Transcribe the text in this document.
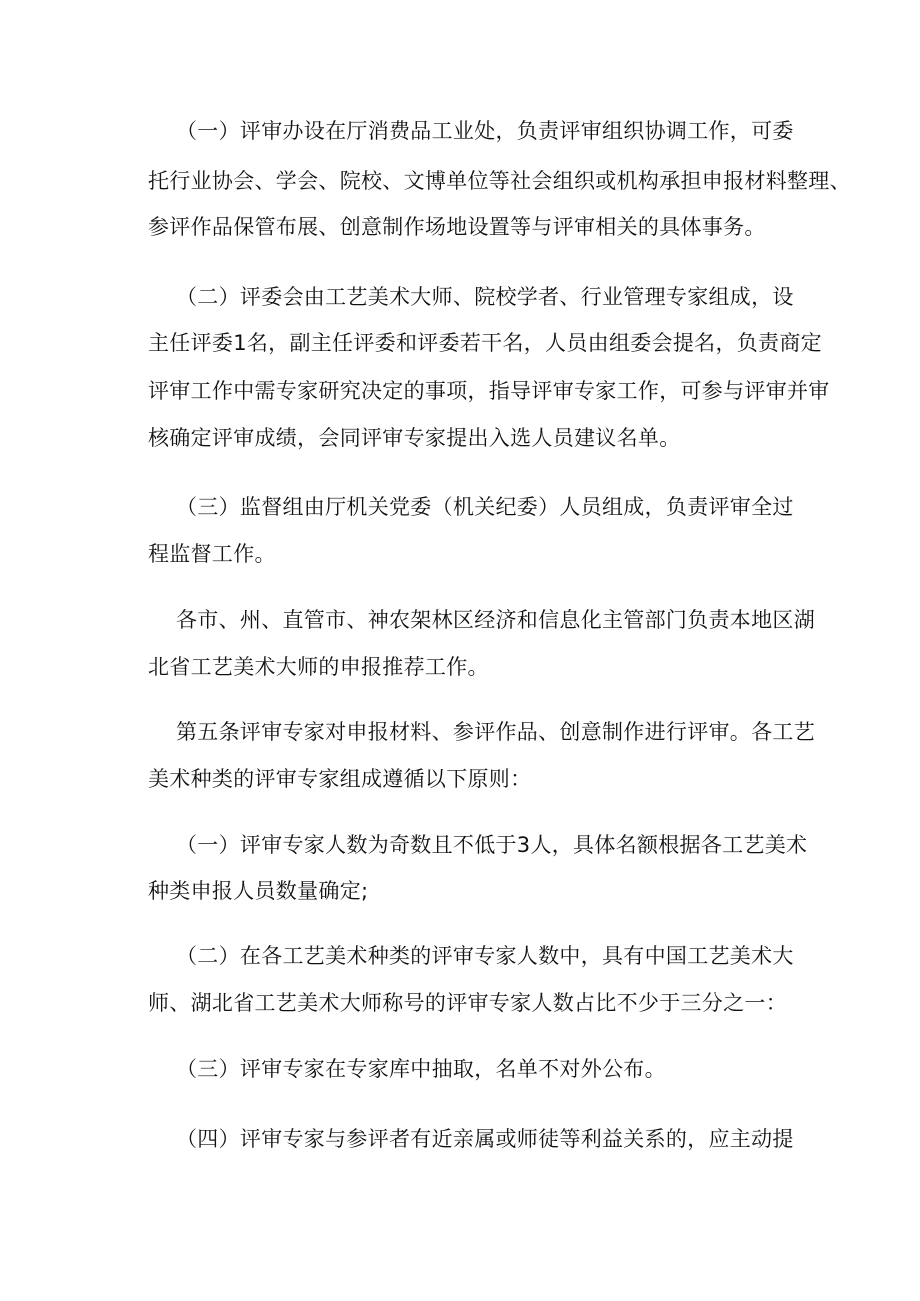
（一）评审办设在厅消费品工业处，负责评审组织协调工作，可委
托行业协会、学会、院校、文博单位等社会组织或机构承担申报材料整理、
参评作品保管布展、创意制作场地设置等与评审相关的具体事务。
（二）评委会由工艺美术大师、院校学者、行业管理专家组成，设
主任评委1名，副主任评委和评委若干名，人员由组委会提名，负责商定
评审工作中需专家研究决定的事项，指导评审专家工作，可参与评审并审
核确定评审成绩，会同评审专家提出入选人员建议名单。
（三）监督组由厅机关党委（机关纪委）人员组成，负责评审全过
程监督工作。
各市、州、直管市、神农架林区经济和信息化主管部门负责本地区湖
北省工艺美术大师的申报推荐工作。
第五条评审专家对申报材料、参评作品、创意制作进行评审。各工艺
美术种类的评审专家组成遵循以下原则：
（一）评审专家人数为奇数且不低于3人，具体名额根据各工艺美术
种类申报人员数量确定;
（二）在各工艺美术种类的评审专家人数中，具有中国工艺美术大
师、湖北省工艺美术大师称号的评审专家人数占比不少于三分之一：
（三）评审专家在专家库中抽取，名单不对外公布。
（四）评审专家与参评者有近亲属或师徒等利益关系的，应主动提
